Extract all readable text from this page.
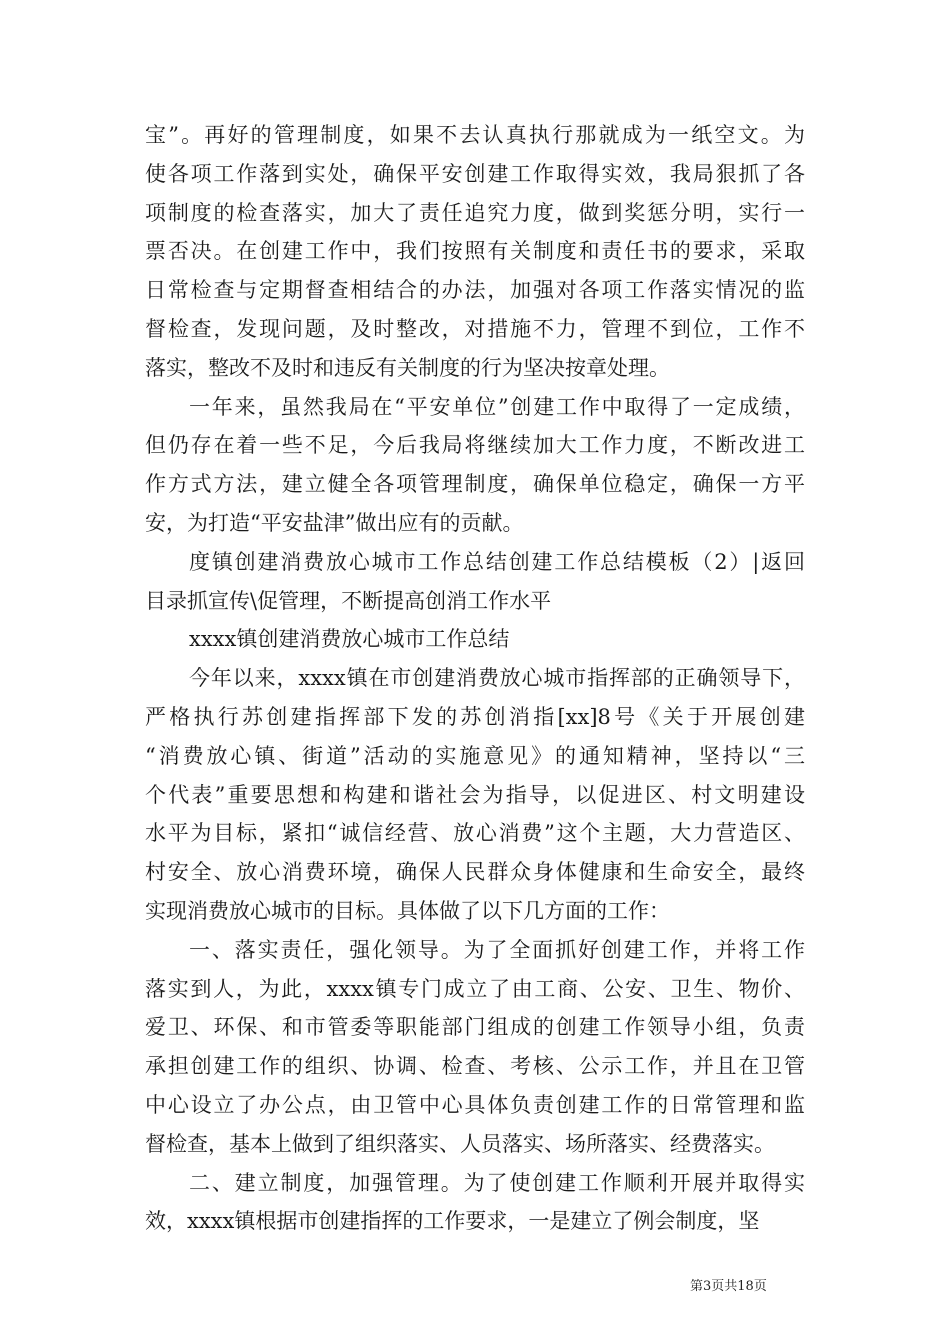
宝”。再好的管理制度，如果不去认真执行那就成为一纸空文。为
使各项工作落到实处，确保平安创建工作取得实效，我局狠抓了各
项制度的检查落实，加大了责任追究力度，做到奖惩分明，实行一
票否决。在创建工作中，我们按照有关制度和责任书的要求，采取
日常检查与定期督查相结合的办法，加强对各项工作落实情况的监
督检查，发现问题，及时整改，对措施不力，管理不到位，工作不
落实，整改不及时和违反有关制度的行为坚决按章处理。
一年来，虽然我局在“平安单位”创建工作中取得了一定成绩，
但仍存在着一些不足，今后我局将继续加大工作力度，不断改进工
作方式方法，建立健全各项管理制度，确保单位稳定，确保一方平
安，为打造“平安盐津”做出应有的贡献。
度镇创建消费放心城市工作总结创建工作总结模板（2）|返回
目录抓宣传\促管理，不断提高创消工作水平
xxxx镇创建消费放心城市工作总结
今年以来，xxxx镇在市创建消费放心城市指挥部的正确领导下，
严格执行苏创建指挥部下发的苏创消指[xx]8号《关于开展创建
“消费放心镇、街道”活动的实施意见》的通知精神，坚持以“三
个代表”重要思想和构建和谐社会为指导，以促进区、村文明建设
水平为目标，紧扣“诚信经营、放心消费”这个主题，大力营造区、
村安全、放心消费环境，确保人民群众身体健康和生命安全，最终
实现消费放心城市的目标。具体做了以下几方面的工作：
一、落实责任，强化领导。为了全面抓好创建工作，并将工作
落实到人，为此，xxxx镇专门成立了由工商、公安、卫生、物价、
爱卫、环保、和市管委等职能部门组成的创建工作领导小组，负责
承担创建工作的组织、协调、检查、考核、公示工作，并且在卫管
中心设立了办公点，由卫管中心具体负责创建工作的日常管理和监
督检查，基本上做到了组织落实、人员落实、场所落实、经费落实。
二、建立制度，加强管理。为了使创建工作顺利开展并取得实
效，xxxx镇根据市创建指挥的工作要求，一是建立了例会制度，坚
第3页共18页
